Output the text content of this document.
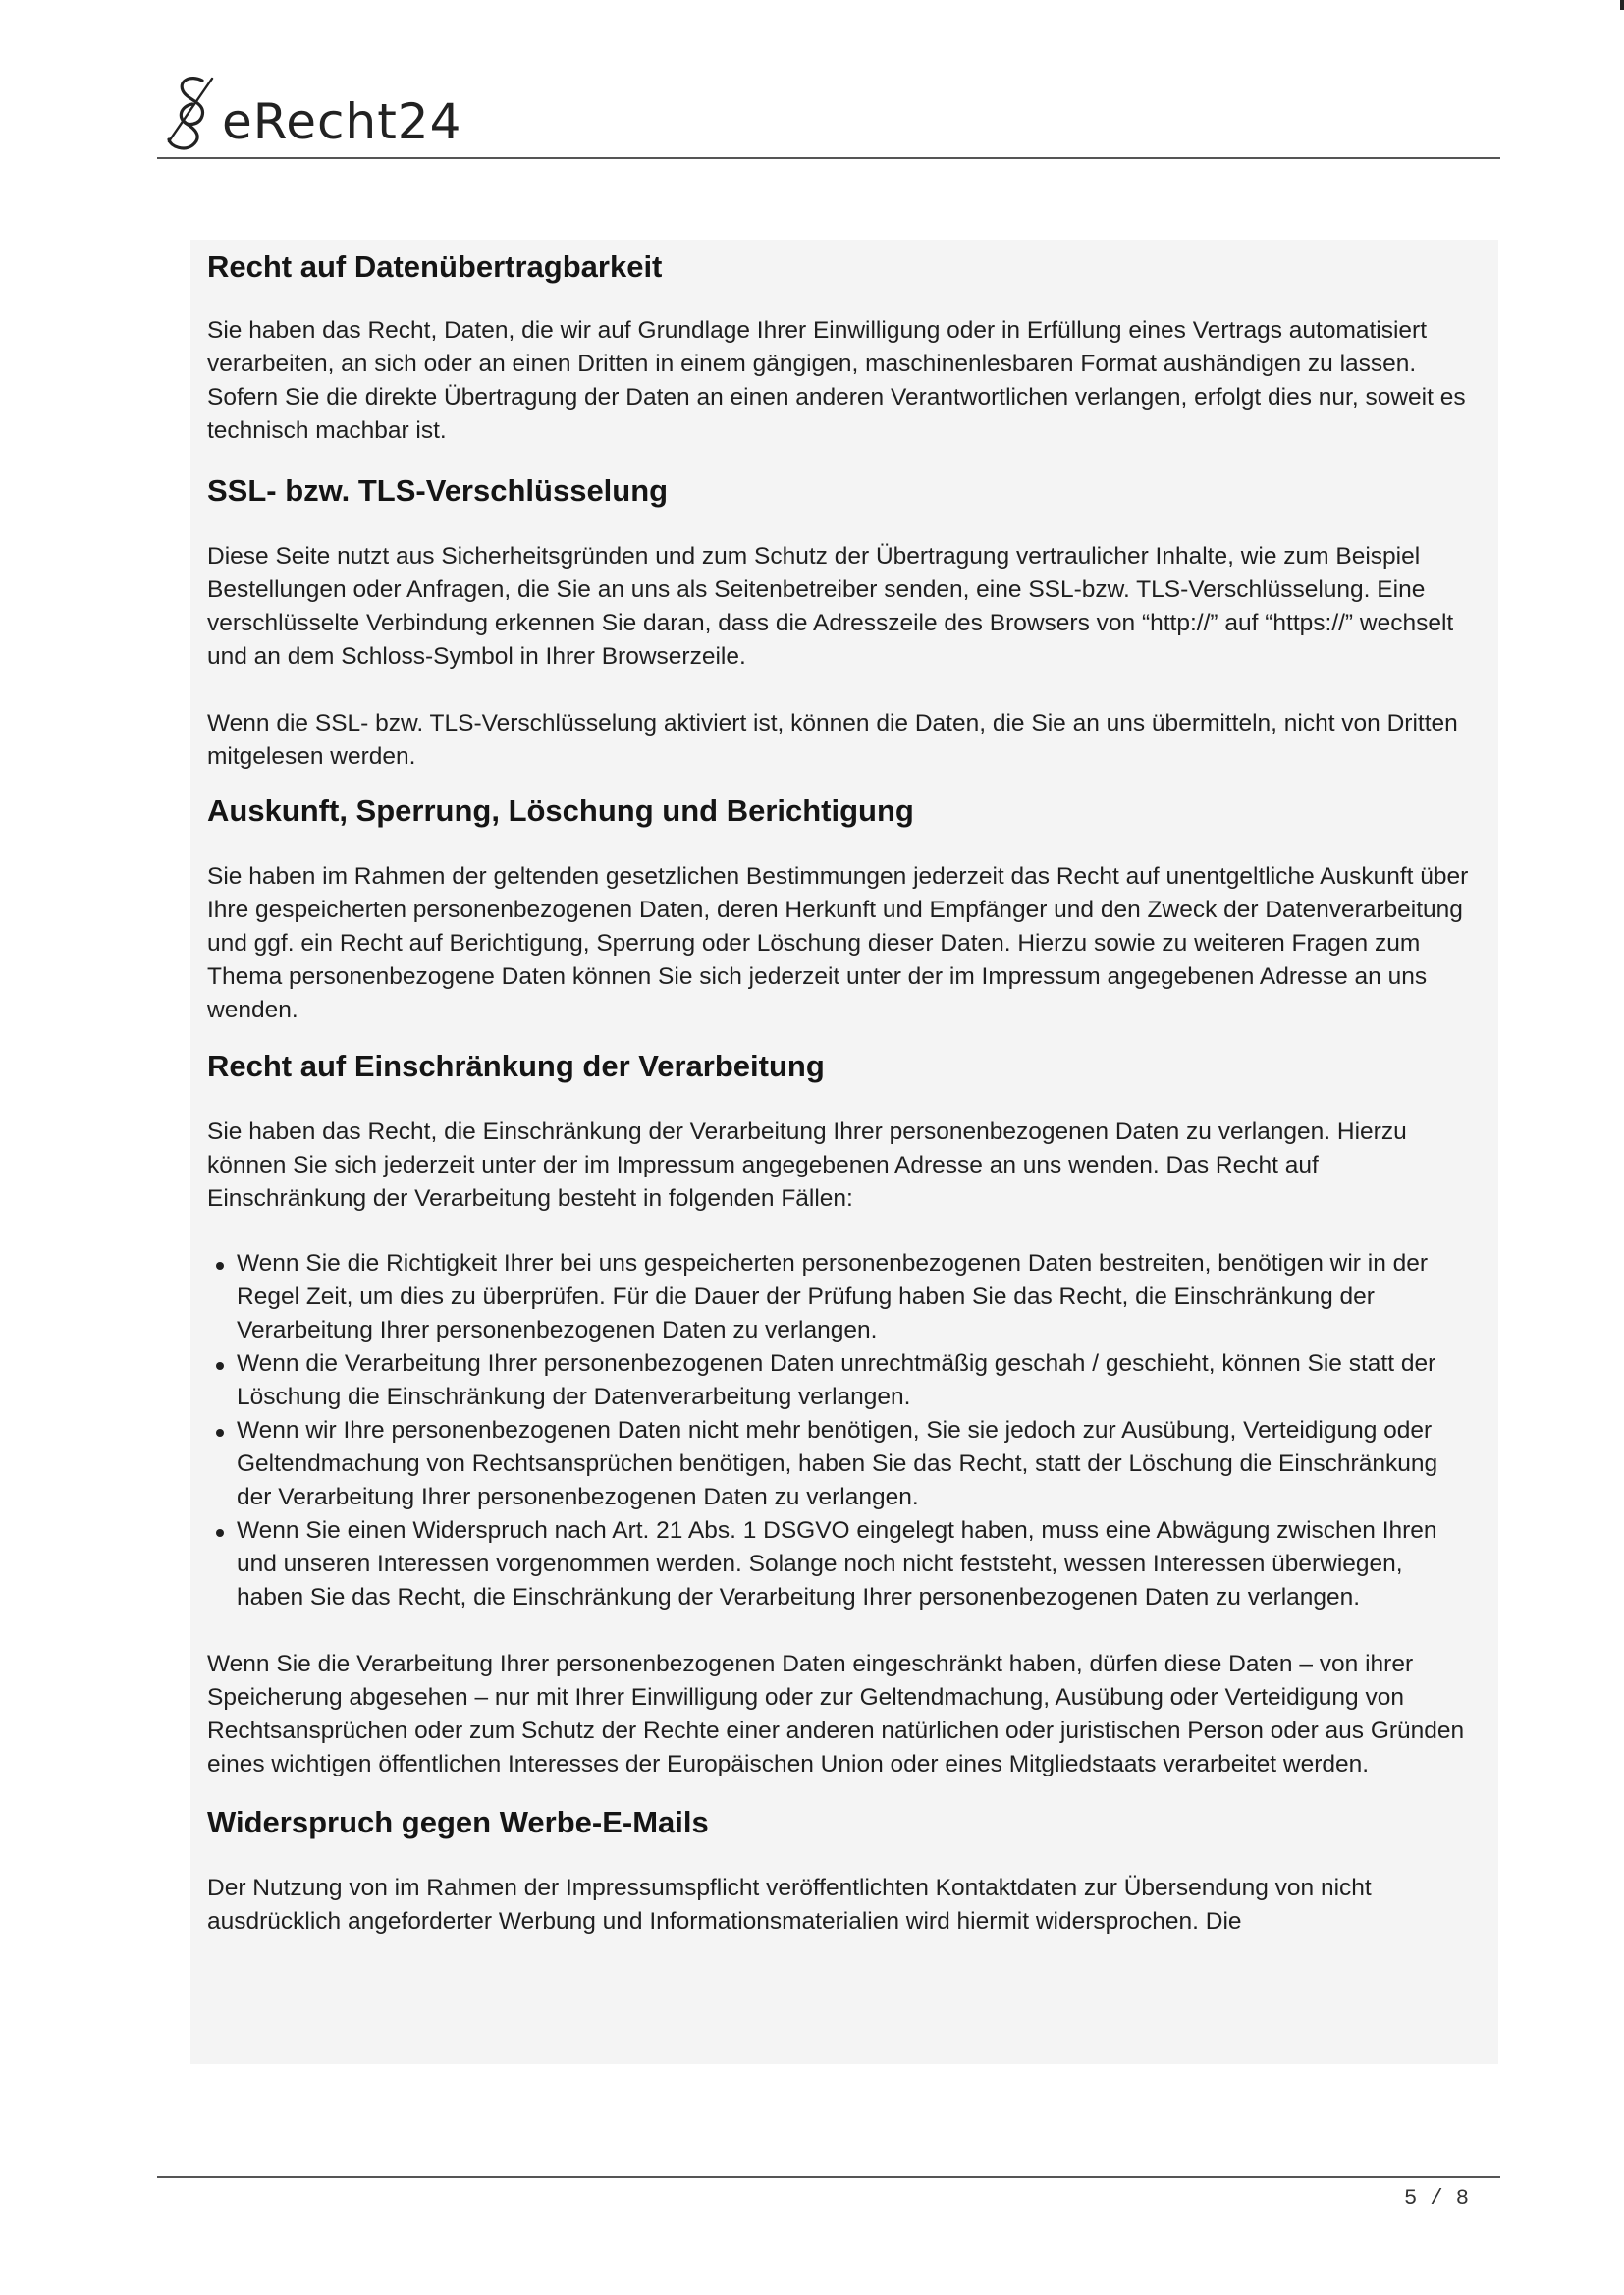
eRecht24
Recht auf Datenübertragbarkeit

Sie haben das Recht, Daten, die wir auf Grundlage Ihrer Einwilligung oder in Erfüllung eines Vertrags automatisiert verarbeiten, an sich oder an einen Dritten in einem gängigen, maschinenlesbaren Format aushändigen zu lassen. Sofern Sie die direkte Übertragung der Daten an einen anderen Verantwortlichen verlangen, erfolgt dies nur, soweit es technisch machbar ist.

SSL- bzw. TLS-Verschlüsselung

Diese Seite nutzt aus Sicherheitsgründen und zum Schutz der Übertragung vertraulicher Inhalte, wie zum Beispiel Bestellungen oder Anfragen, die Sie an uns als Seitenbetreiber senden, eine SSL-bzw. TLS-Verschlüsselung. Eine verschlüsselte Verbindung erkennen Sie daran, dass die Adresszeile des Browsers von “http://” auf “https://” wechselt und an dem Schloss-Symbol in Ihrer Browserzeile.

Wenn die SSL- bzw. TLS-Verschlüsselung aktiviert ist, können die Daten, die Sie an uns übermitteln, nicht von Dritten mitgelesen werden.

Auskunft, Sperrung, Löschung und Berichtigung

Sie haben im Rahmen der geltenden gesetzlichen Bestimmungen jederzeit das Recht auf unentgeltliche Auskunft über Ihre gespeicherten personenbezogenen Daten, deren Herkunft und Empfänger und den Zweck der Datenverarbeitung und ggf. ein Recht auf Berichtigung, Sperrung oder Löschung dieser Daten. Hierzu sowie zu weiteren Fragen zum Thema personenbezogene Daten können Sie sich jederzeit unter der im Impressum angegebenen Adresse an uns wenden.

Recht auf Einschränkung der Verarbeitung

Sie haben das Recht, die Einschränkung der Verarbeitung Ihrer personenbezogenen Daten zu verlangen. Hierzu können Sie sich jederzeit unter der im Impressum angegebenen Adresse an uns wenden. Das Recht auf Einschränkung der Verarbeitung besteht in folgenden Fällen:

Wenn Sie die Richtigkeit Ihrer bei uns gespeicherten personenbezogenen Daten bestreiten, benötigen wir in der Regel Zeit, um dies zu überprüfen. Für die Dauer der Prüfung haben Sie das Recht, die Einschränkung der Verarbeitung Ihrer personenbezogenen Daten zu verlangen.
Wenn die Verarbeitung Ihrer personenbezogenen Daten unrechtmäßig geschah / geschieht, können Sie statt der Löschung die Einschränkung der Datenverarbeitung verlangen.
Wenn wir Ihre personenbezogenen Daten nicht mehr benötigen, Sie sie jedoch zur Ausübung, Verteidigung oder Geltendmachung von Rechtsansprüchen benötigen, haben Sie das Recht, statt der Löschung die Einschränkung der Verarbeitung Ihrer personenbezogenen Daten zu verlangen.
Wenn Sie einen Widerspruch nach Art. 21 Abs. 1 DSGVO eingelegt haben, muss eine Abwägung zwischen Ihren und unseren Interessen vorgenommen werden. Solange noch nicht feststeht, wessen Interessen überwiegen, haben Sie das Recht, die Einschränkung der Verarbeitung Ihrer personenbezogenen Daten zu verlangen.

Wenn Sie die Verarbeitung Ihrer personenbezogenen Daten eingeschränkt haben, dürfen diese Daten – von ihrer Speicherung abgesehen – nur mit Ihrer Einwilligung oder zur Geltendmachung, Ausübung oder Verteidigung von Rechtsansprüchen oder zum Schutz der Rechte einer anderen natürlichen oder juristischen Person oder aus Gründen eines wichtigen öffentlichen Interesses der Europäischen Union oder eines Mitgliedstaats verarbeitet werden.

Widerspruch gegen Werbe-E-Mails

Der Nutzung von im Rahmen der Impressumspflicht veröffentlichten Kontaktdaten zur Übersendung von nicht ausdrücklich angeforderter Werbung und Informationsmaterialien wird hiermit widersprochen. Die

5 / 8
